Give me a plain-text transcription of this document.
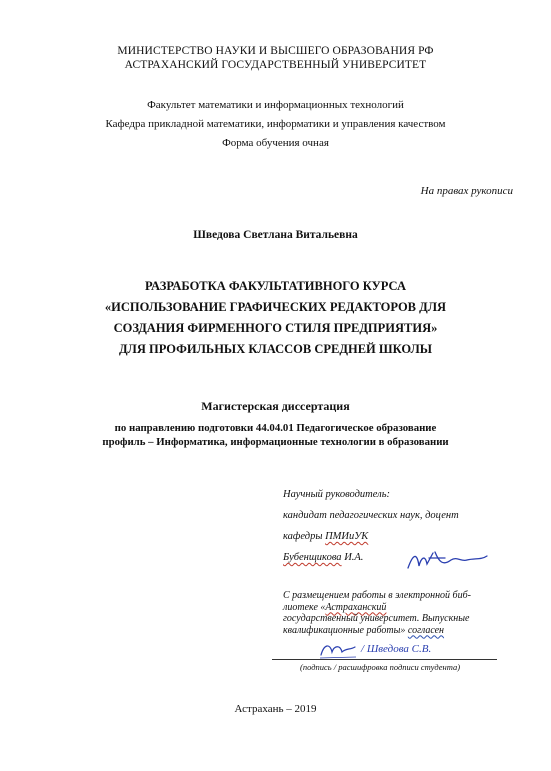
МИНИСТЕРСТВО НАУКИ И ВЫСШЕГО ОБРАЗОВАНИЯ РФ
АСТРАХАНСКИЙ ГОСУДАРСТВЕННЫЙ УНИВЕРСИТЕТ
Факультет математики и информационных технологий
Кафедра прикладной математики, информатики и управления качеством
Форма обучения очная
На правах рукописи
Шведова Светлана Витальевна
РАЗРАБОТКА ФАКУЛЬТАТИВНОГО КУРСА
«ИСПОЛЬЗОВАНИЕ ГРАФИЧЕСКИХ РЕДАКТОРОВ ДЛЯ
СОЗДАНИЯ ФИРМЕННОГО СТИЛЯ ПРЕДПРИЯТИЯ»
ДЛЯ ПРОФИЛЬНЫХ КЛАССОВ СРЕДНЕЙ ШКОЛЫ
Магистерская диссертация
по направлению подготовки 44.04.01 Педагогическое образование
профиль – Информатика, информационные технологии в образовании
Научный руководитель:
кандидат педагогических наук, доцент
кафедры ПМИиУК
Бубенщикова И.А.
С размещением работы в электронной биб-
лиотеке «Астраханский
государственный университет. Выпускные
квалификационные работы» согласен
/ Шведова С.В.
(подпись / расшифровка подписи студента)
Астрахань – 2019
